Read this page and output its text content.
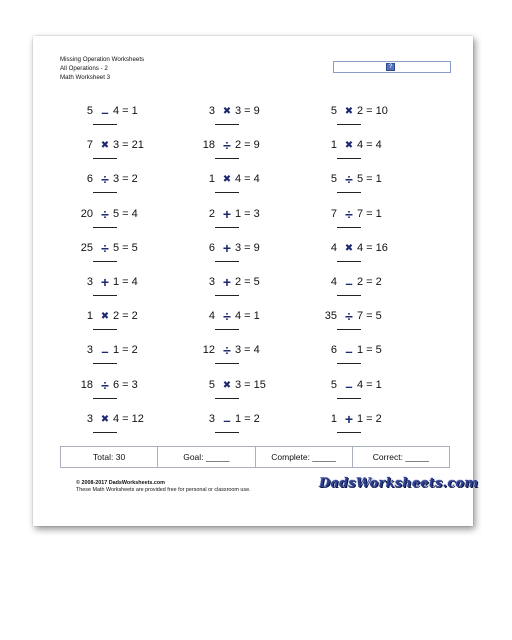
Missing Operation Worksheets
All Operations - 2
Math Worksheet 3
?
5 – 4 = 1	3 ✖ 3 = 9	5 ✖ 2 = 10
7 ✖ 3 = 21	18 ÷ 2 = 9	1 ✖ 4 = 4
6 ÷ 3 = 2	1 ✖ 4 = 4	5 ÷ 5 = 1
20 ÷ 5 = 4	2 + 1 = 3	7 ÷ 7 = 1
25 ÷ 5 = 5	6 + 3 = 9	4 ✖ 4 = 16
3 + 1 = 4	3 + 2 = 5	4 – 2 = 2
1 ✖ 2 = 2	4 ÷ 4 = 1	35 ÷ 7 = 5
3 – 1 = 2	12 ÷ 3 = 4	6 – 1 = 5
18 ÷ 6 = 3	5 ✖ 3 = 15	5 – 4 = 1
3 ✖ 4 = 12	3 – 1 = 2	1 + 1 = 2
Total: 30	Goal: _____	Complete: _____	Correct: _____
© 2008-2017 DadsWorksheets.com
These Math Worksheets are provided free for personal or classroom use.	DadsWorksheets.com
